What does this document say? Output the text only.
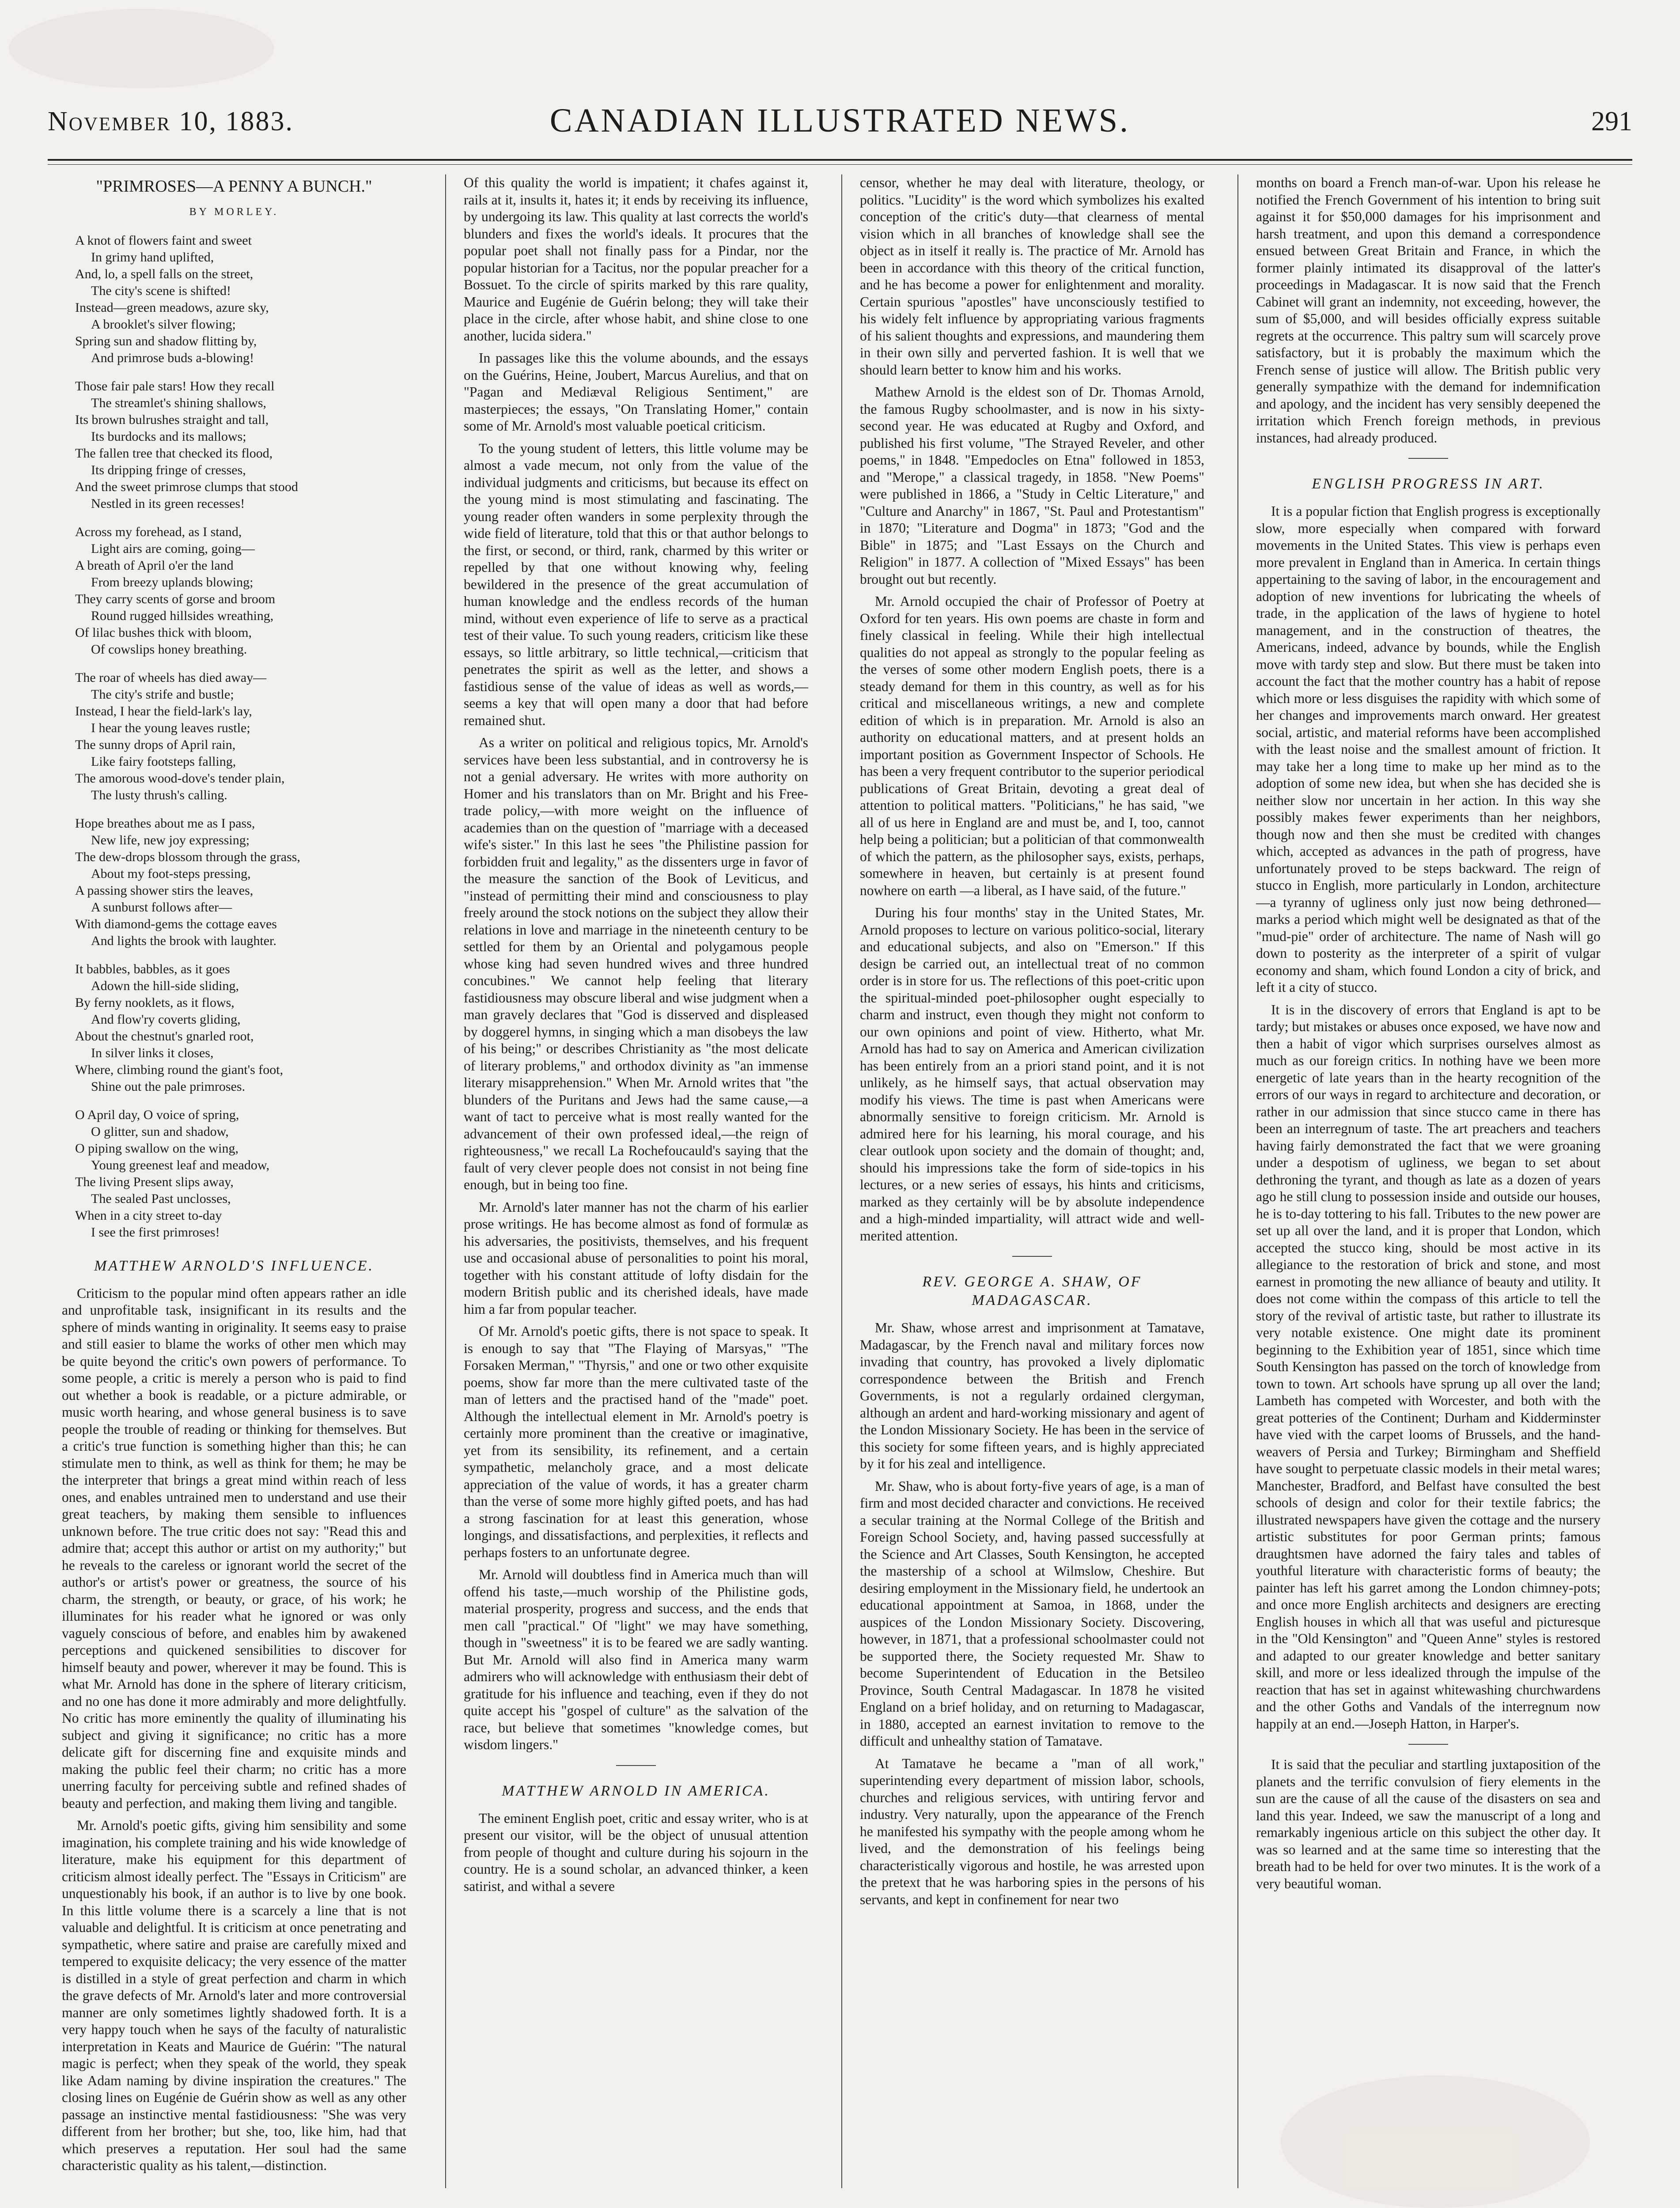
November 10, 1883.	CANADIAN ILLUSTRATED NEWS.	291
"PRIMROSES—A PENNY A BUNCH."
BY MORLEY.
A knot of flowers faint and sweet
In grimy hand uplifted,
And, lo, a spell falls on the street,
The city's scene is shifted!
Instead—green meadows, azure sky,
A brooklet's silver flowing;
Spring sun and shadow flitting by,
And primrose buds a-blowing!
Those fair pale stars! How they recall
The streamlet's shining shallows,
Its brown bulrushes straight and tall,
Its burdocks and its mallows;
The fallen tree that checked its flood,
Its dripping fringe of cresses,
And the sweet primrose clumps that stood
Nestled in its green recesses!
Across my forehead, as I stand,
Light airs are coming, going—
A breath of April o'er the land
From breezy uplands blowing;
They carry scents of gorse and broom
Round rugged hillsides wreathing,
Of lilac bushes thick with bloom,
Of cowslips honey breathing.
The roar of wheels has died away—
The city's strife and bustle;
Instead, I hear the field-lark's lay,
I hear the young leaves rustle;
The sunny drops of April rain,
Like fairy footsteps falling,
The amorous wood-dove's tender plain,
The lusty thrush's calling.
Hope breathes about me as I pass,
New life, new joy expressing;
The dew-drops blossom through the grass,
About my foot-steps pressing,
A passing shower stirs the leaves,
A sunburst follows after—
With diamond-gems the cottage eaves
And lights the brook with laughter.
It babbles, babbles, as it goes
Adown the hill-side sliding,
By ferny nooklets, as it flows,
And flow'ry coverts gliding,
About the chestnut's gnarled root,
In silver links it closes,
Where, climbing round the giant's foot,
Shine out the pale primroses.
O April day, O voice of spring,
O glitter, sun and shadow,
O piping swallow on the wing,
Young greenest leaf and meadow,
The living Present slips away,
The sealed Past unclosses,
When in a city street to-day
I see the first primroses!
MATTHEW ARNOLD'S INFLUENCE.

Criticism to the popular mind often appears rather an idle and unprofitable task, insignificant in its results and the sphere of minds wanting in originality. It seems easy to praise and still easier to blame the works of other men which may be quite beyond the critic's own powers of performance. To some people, a critic is merely a person who is paid to find out whether a book is readable, or a picture admirable, or music worth hearing, and whose general business is to save people the trouble of reading or thinking for themselves. But a critic's true function is something higher than this; he can stimulate men to think, as well as think for them; he may be the interpreter that brings a great mind within reach of less ones, and enables untrained men to understand and use their great teachers, by making them sensible to influences unknown before. The true critic does not say: "Read this and admire that; accept this author or artist on my authority;" but he reveals to the careless or ignorant world the secret of the author's or artist's power or greatness, the source of his charm, the strength, or beauty, or grace, of his work; he illuminates for his reader what he ignored or was only vaguely conscious of before, and enables him by awakened perceptions and quickened sensibilities to discover for himself beauty and power, wherever it may be found. This is what Mr. Arnold has done in the sphere of literary criticism, and no one has done it more admirably and more delightfully. No critic has more eminently the quality of illuminating his subject and giving it significance; no critic has a more delicate gift for discerning fine and exquisite minds and making the public feel their charm; no critic has a more unerring faculty for perceiving subtle and refined shades of beauty and perfection, and making them living and tangible.

Mr. Arnold's poetic gifts, giving him sensibility and some imagination, his complete training and his wide knowledge of literature, make his equipment for this department of criticism almost ideally perfect. The "Essays in Criticism" are unquestionably his book, if an author is to live by one book. In this little volume there is a scarcely a line that is not valuable and delightful. It is criticism at once penetrating and sympathetic, where satire and praise are carefully mixed and tempered to exquisite delicacy; the very essence of the matter is distilled in a style of great perfection and charm in which the grave defects of Mr. Arnold's later and more controversial manner are only sometimes lightly shadowed forth. It is a very happy touch when he says of the faculty of naturalistic interpretation in Keats and Maurice de Guérin: "The natural magic is perfect; when they speak of the world, they speak like Adam naming by divine inspiration the creatures." The closing lines on Eugénie de Guérin show as well as any other passage an instinctive mental fastidiousness: "She was very different from her brother; but she, too, like him, had that which preserves a reputation. Her soul had the same characteristic quality as his talent,—distinction.

Of this quality the world is impatient; it chafes against it, rails at it, insults it, hates it; it ends by receiving its influence, by undergoing its law. This quality at last corrects the world's blunders and fixes the world's ideals. It procures that the popular poet shall not finally pass for a Pindar, nor the popular historian for a Tacitus, nor the popular preacher for a Bossuet. To the circle of spirits marked by this rare quality, Maurice and Eugénie de Guérin belong; they will take their place in the circle, after whose habit, and shine close to one another, lucida sidera."

In passages like this the volume abounds, and the essays on the Guérins, Heine, Joubert, Marcus Aurelius, and that on "Pagan and Mediæval Religious Sentiment," are masterpieces; the essays, "On Translating Homer," contain some of Mr. Arnold's most valuable poetical criticism.

To the young student of letters, this little volume may be almost a vade mecum, not only from the value of the individual judgments and criticisms, but because its effect on the young mind is most stimulating and fascinating. The young reader often wanders in some perplexity through the wide field of literature, told that this or that author belongs to the first, or second, or third, rank, charmed by this writer or repelled by that one without knowing why, feeling bewildered in the presence of the great accumulation of human knowledge and the endless records of the human mind, without even experience of life to serve as a practical test of their value. To such young readers, criticism like these essays, so little arbitrary, so little technical,—criticism that penetrates the spirit as well as the letter, and shows a fastidious sense of the value of ideas as well as words,—seems a key that will open many a door that had before remained shut.

As a writer on political and religious topics, Mr. Arnold's services have been less substantial, and in controversy he is not a genial adversary. He writes with more authority on Homer and his translators than on Mr. Bright and his Free-trade policy,—with more weight on the influence of academies than on the question of "marriage with a deceased wife's sister." In this last he sees "the Philistine passion for forbidden fruit and legality," as the dissenters urge in favor of the measure the sanction of the Book of Leviticus, and "instead of permitting their mind and consciousness to play freely around the stock notions on the subject they allow their relations in love and marriage in the nineteenth century to be settled for them by an Oriental and polygamous people whose king had seven hundred wives and three hundred concubines." We cannot help feeling that literary fastidiousness may obscure liberal and wise judgment when a man gravely declares that "God is disserved and displeased by doggerel hymns, in singing which a man disobeys the law of his being;" or describes Christianity as "the most delicate of literary problems," and orthodox divinity as "an immense literary misapprehension." When Mr. Arnold writes that "the blunders of the Puritans and Jews had the same cause,—a want of tact to perceive what is most really wanted for the advancement of their own professed ideal,—the reign of righteousness," we recall La Rochefoucauld's saying that the fault of very clever people does not consist in not being fine enough, but in being too fine.

Mr. Arnold's later manner has not the charm of his earlier prose writings. He has become almost as fond of formulæ as his adversaries, the positivists, themselves, and his frequent use and occasional abuse of personalities to point his moral, together with his constant attitude of lofty disdain for the modern British public and its cherished ideals, have made him a far from popular teacher.

Of Mr. Arnold's poetic gifts, there is not space to speak. It is enough to say that "The Flaying of Marsyas," "The Forsaken Merman," "Thyrsis," and one or two other exquisite poems, show far more than the mere cultivated taste of the man of letters and the practised hand of the "made" poet. Although the intellectual element in Mr. Arnold's poetry is certainly more prominent than the creative or imaginative, yet from its sensibility, its refinement, and a certain sympathetic, melancholy grace, and a most delicate appreciation of the value of words, it has a greater charm than the verse of some more highly gifted poets, and has had a strong fascination for at least this generation, whose longings, and dissatisfactions, and perplexities, it reflects and perhaps fosters to an unfortunate degree.

Mr. Arnold will doubtless find in America much than will offend his taste,—much worship of the Philistine gods, material prosperity, progress and success, and the ends that men call "practical." Of "light" we may have something, though in "sweetness" it is to be feared we are sadly wanting. But Mr. Arnold will also find in America many warm admirers who will acknowledge with enthusiasm their debt of gratitude for his influence and teaching, even if they do not quite accept his "gospel of culture" as the salvation of the race, but believe that sometimes "knowledge comes, but wisdom lingers."

MATTHEW ARNOLD IN AMERICA.

The eminent English poet, critic and essay writer, who is at present our visitor, will be the object of unusual attention from people of thought and culture during his sojourn in the country. He is a sound scholar, an advanced thinker, a keen satirist, and withal a severe

censor, whether he may deal with literature, theology, or politics. "Lucidity" is the word which symbolizes his exalted conception of the critic's duty—that clearness of mental vision which in all branches of knowledge shall see the object as in itself it really is. The practice of Mr. Arnold has been in accordance with this theory of the critical function, and he has become a power for enlightenment and morality. Certain spurious "apostles" have unconsciously testified to his widely felt influence by appropriating various fragments of his salient thoughts and expressions, and maundering them in their own silly and perverted fashion. It is well that we should learn better to know him and his works.

Mathew Arnold is the eldest son of Dr. Thomas Arnold, the famous Rugby schoolmaster, and is now in his sixty-second year. He was educated at Rugby and Oxford, and published his first volume, "The Strayed Reveler, and other poems," in 1848. "Empedocles on Etna" followed in 1853, and "Merope," a classical tragedy, in 1858. "New Poems" were published in 1866, a "Study in Celtic Literature," and "Culture and Anarchy" in 1867, "St. Paul and Protestantism" in 1870; "Literature and Dogma" in 1873; "God and the Bible" in 1875; and "Last Essays on the Church and Religion" in 1877. A collection of "Mixed Essays" has been brought out but recently.

Mr. Arnold occupied the chair of Professor of Poetry at Oxford for ten years. His own poems are chaste in form and finely classical in feeling. While their high intellectual qualities do not appeal as strongly to the popular feeling as the verses of some other modern English poets, there is a steady demand for them in this country, as well as for his critical and miscellaneous writings, a new and complete edition of which is in preparation. Mr. Arnold is also an authority on educational matters, and at present holds an important position as Government Inspector of Schools. He has been a very frequent contributor to the superior periodical publications of Great Britain, devoting a great deal of attention to political matters. "Politicians," he has said, "we all of us here in England are and must be, and I, too, cannot help being a politician; but a politician of that commonwealth of which the pattern, as the philosopher says, exists, perhaps, somewhere in heaven, but certainly is at present found nowhere on earth —a liberal, as I have said, of the future."

During his four months' stay in the United States, Mr. Arnold proposes to lecture on various politico-social, literary and educational subjects, and also on "Emerson." If this design be carried out, an intellectual treat of no common order is in store for us. The reflections of this poet-critic upon the spiritual-minded poet-philosopher ought especially to charm and instruct, even though they might not conform to our own opinions and point of view. Hitherto, what Mr. Arnold has had to say on America and American civilization has been entirely from an a priori stand point, and it is not unlikely, as he himself says, that actual observation may modify his views. The time is past when Americans were abnormally sensitive to foreign criticism. Mr. Arnold is admired here for his learning, his moral courage, and his clear outlook upon society and the domain of thought; and, should his impressions take the form of side-topics in his lectures, or a new series of essays, his hints and criticisms, marked as they certainly will be by absolute independence and a high-minded impartiality, will attract wide and well-merited attention.

REV. GEORGE A. SHAW, OF MADAGASCAR.

Mr. Shaw, whose arrest and imprisonment at Tamatave, Madagascar, by the French naval and military forces now invading that country, has provoked a lively diplomatic correspondence between the British and French Governments, is not a regularly ordained clergyman, although an ardent and hard-working missionary and agent of the London Missionary Society. He has been in the service of this society for some fifteen years, and is highly appreciated by it for his zeal and intelligence.

Mr. Shaw, who is about forty-five years of age, is a man of firm and most decided character and convictions. He received a secular training at the Normal College of the British and Foreign School Society, and, having passed successfully at the Science and Art Classes, South Kensington, he accepted the mastership of a school at Wilmslow, Cheshire. But desiring employment in the Missionary field, he undertook an educational appointment at Samoa, in 1868, under the auspices of the London Missionary Society. Discovering, however, in 1871, that a professional schoolmaster could not be supported there, the Society requested Mr. Shaw to become Superintendent of Education in the Betsileo Province, South Central Madagascar. In 1878 he visited England on a brief holiday, and on returning to Madagascar, in 1880, accepted an earnest invitation to remove to the difficult and unhealthy station of Tamatave.

At Tamatave he became a "man of all work," superintending every department of mission labor, schools, churches and religious services, with untiring fervor and industry. Very naturally, upon the appearance of the French he manifested his sympathy with the people among whom he lived, and the demonstration of his feelings being characteristically vigorous and hostile, he was arrested upon the pretext that he was harboring spies in the persons of his servants, and kept in confinement for near two

months on board a French man-of-war. Upon his release he notified the French Government of his intention to bring suit against it for $50,000 damages for his imprisonment and harsh treatment, and upon this demand a correspondence ensued between Great Britain and France, in which the former plainly intimated its disapproval of the latter's proceedings in Madagascar. It is now said that the French Cabinet will grant an indemnity, not exceeding, however, the sum of $5,000, and will besides officially express suitable regrets at the occurrence. This paltry sum will scarcely prove satisfactory, but it is probably the maximum which the French sense of justice will allow. The British public very generally sympathize with the demand for indemnification and apology, and the incident has very sensibly deepened the irritation which French foreign methods, in previous instances, had already produced.

ENGLISH PROGRESS IN ART.

It is a popular fiction that English progress is exceptionally slow, more especially when compared with forward movements in the United States. This view is perhaps even more prevalent in England than in America. In certain things appertaining to the saving of labor, in the encouragement and adoption of new inventions for lubricating the wheels of trade, in the application of the laws of hygiene to hotel management, and in the construction of theatres, the Americans, indeed, advance by bounds, while the English move with tardy step and slow. But there must be taken into account the fact that the mother country has a habit of repose which more or less disguises the rapidity with which some of her changes and improvements march onward. Her greatest social, artistic, and material reforms have been accomplished with the least noise and the smallest amount of friction. It may take her a long time to make up her mind as to the adoption of some new idea, but when she has decided she is neither slow nor uncertain in her action. In this way she possibly makes fewer experiments than her neighbors, though now and then she must be credited with changes which, accepted as advances in the path of progress, have unfortunately proved to be steps backward. The reign of stucco in English, more particularly in London, architecture—a tyranny of ugliness only just now being dethroned—marks a period which might well be designated as that of the "mud-pie" order of architecture. The name of Nash will go down to posterity as the interpreter of a spirit of vulgar economy and sham, which found London a city of brick, and left it a city of stucco.

It is in the discovery of errors that England is apt to be tardy; but mistakes or abuses once exposed, we have now and then a habit of vigor which surprises ourselves almost as much as our foreign critics. In nothing have we been more energetic of late years than in the hearty recognition of the errors of our ways in regard to architecture and decoration, or rather in our admission that since stucco came in there has been an interregnum of taste. The art preachers and teachers having fairly demonstrated the fact that we were groaning under a despotism of ugliness, we began to set about dethroning the tyrant, and though as late as a dozen of years ago he still clung to possession inside and outside our houses, he is to-day tottering to his fall. Tributes to the new power are set up all over the land, and it is proper that London, which accepted the stucco king, should be most active in its allegiance to the restoration of brick and stone, and most earnest in promoting the new alliance of beauty and utility. It does not come within the compass of this article to tell the story of the revival of artistic taste, but rather to illustrate its very notable existence. One might date its prominent beginning to the Exhibition year of 1851, since which time South Kensington has passed on the torch of knowledge from town to town. Art schools have sprung up all over the land; Lambeth has competed with Worcester, and both with the great potteries of the Continent; Durham and Kidderminster have vied with the carpet looms of Brussels, and the hand-weavers of Persia and Turkey; Birmingham and Sheffield have sought to perpetuate classic models in their metal wares; Manchester, Bradford, and Belfast have consulted the best schools of design and color for their textile fabrics; the illustrated newspapers have given the cottage and the nursery artistic substitutes for poor German prints; famous draughtsmen have adorned the fairy tales and tables of youthful literature with characteristic forms of beauty; the painter has left his garret among the London chimney-pots; and once more English architects and designers are erecting English houses in which all that was useful and picturesque in the "Old Kensington" and "Queen Anne" styles is restored and adapted to our greater knowledge and better sanitary skill, and more or less idealized through the impulse of the reaction that has set in against whitewashing churchwardens and the other Goths and Vandals of the interregnum now happily at an end.—Joseph Hatton, in Harper's.

It is said that the peculiar and startling juxtaposition of the planets and the terrific convulsion of fiery elements in the sun are the cause of all the cause of the disasters on sea and land this year. Indeed, we saw the manuscript of a long and remarkably ingenious article on this subject the other day. It was so learned and at the same time so interesting that the breath had to be held for over two minutes. It is the work of a very beautiful woman.
